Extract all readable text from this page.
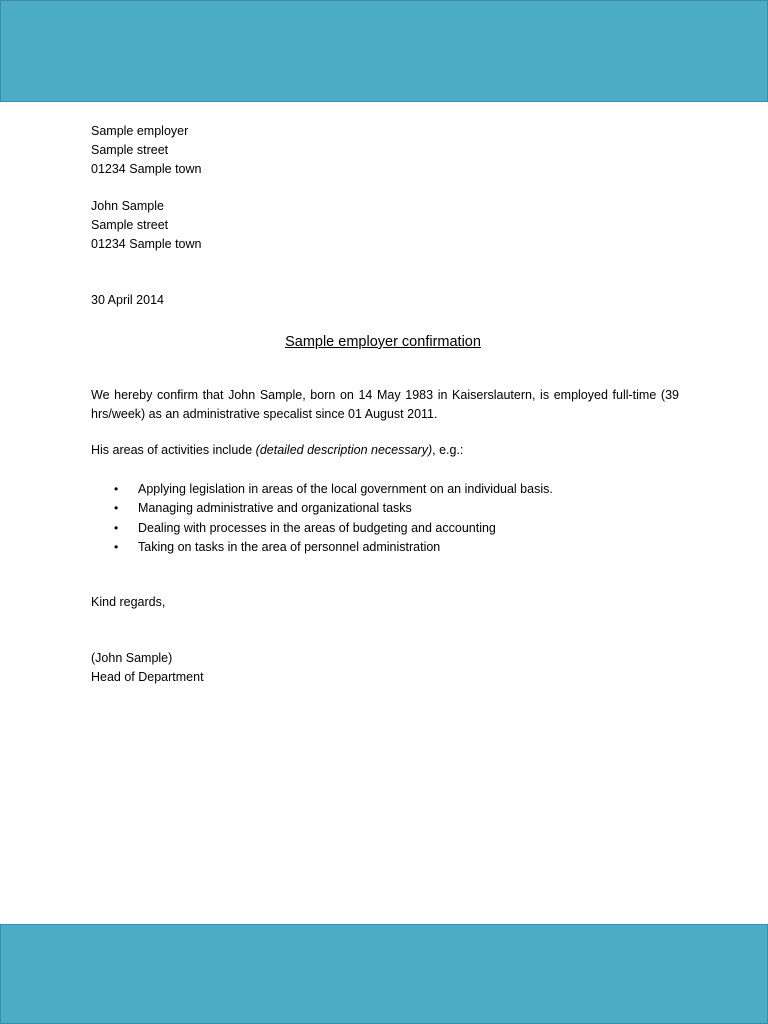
Sample employer
Sample street
01234 Sample town
John Sample
Sample street
01234 Sample town

30 April 2014

Sample employer confirmation

We hereby confirm that John Sample, born on 14 May 1983 in Kaiserslautern, is employed full-time (39 hrs/week) as an administrative specalist since 01 August 2011.

His areas of activities include (detailed description necessary), e.g.:

• Applying legislation in areas of the local government on an individual basis.
• Managing administrative and organizational tasks
• Dealing with processes in the areas of budgeting and accounting
• Taking on tasks in the area of personnel administration

Kind regards,

(John Sample)
Head of Department
